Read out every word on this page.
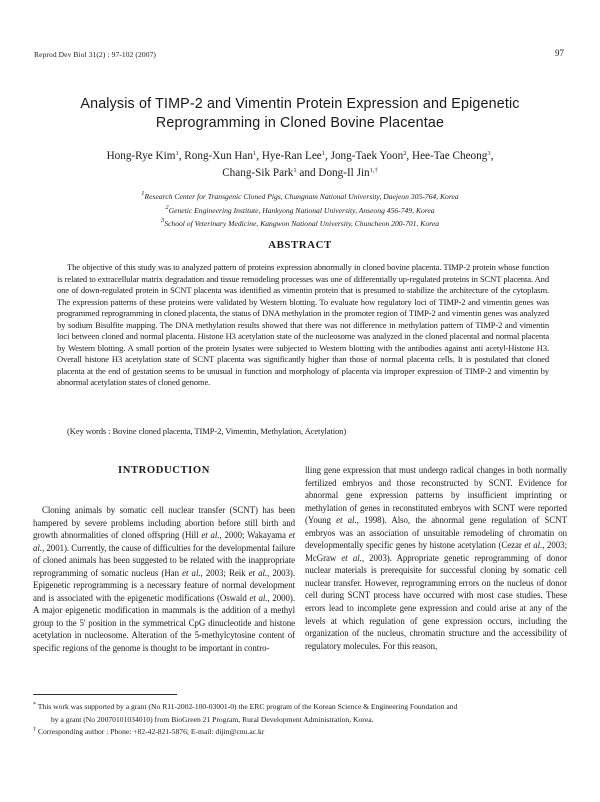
Reprod Dev Biol 31(2) : 97-102 (2007)	97
Analysis of TIMP-2 and Vimentin Protein Expression and Epigenetic
Reprogramming in Cloned Bovine Placentae
Hong-Rye Kim$^1$, Rong-Xun Han$^1$, Hye-Ran Lee$^1$, Jong-Taek Yoon$^2$, Hee-Tae Cheong$^3$,
Chang-Sik Park$^1$ and Dong-Il Jin$^{1,\dagger}$
$^1$Research Center for Transgenic Cloned Pigs, Chungnam National University, Daejeon 305-764, Korea
$^2$Genetic Engineering Institute, Hankyong National University, Anseong 456-749, Korea
$^3$School of Veterinary Medicine, Kangwon National University, Chuncheon 200-701, Korea
ABSTRACT
The objective of this study was to analyzed pattern of proteins expression abnormally in cloned bovine placenta. TIMP-2 protein whose function is related to extracellular matrix degradation and tissue remodeling processes was one of differentially up-regulated proteins in SCNT placenta. And one of down-regulated protein in SCNT placenta was identified as vimentin protein that is presumed to stabilize the architecture of the cytoplasm. The expression patterns of these proteins were validated by Western blotting. To evaluate how regulatory loci of TIMP-2 and vimentin genes was programmed reprogramming in cloned placenta, the status of DNA methylation in the promoter region of TIMP-2 and vimentin genes was analyzed by sodium Bisulfite mapping. The DNA methylation results showed that there was not difference in methylation pattern of TIMP-2 and vimentin loci between cloned and normal placenta. Histone H3 acetylation state of the nucleosome was analyzed in the cloned placental and normal placenta by Western blotting. A small portion of the protein lysates were subjected to Western blotting with the antibodies against anti acetyl-Histone H3. Overall histone H3 acetylation state of SCNT placenta was significantly higher than those of normal placenta cells. It is postulated that cloned placenta at the end of gestation seems to be unusual in function and morphology of placenta via improper expression of TIMP-2 and vimentin by abnormal acetylation states of cloned genome.
(Key words : Bovine cloned placenta, TIMP-2, Vimentin, Methylation, Acetylation)
INTRODUCTION
Cloning animals by somatic cell nuclear transfer (SCNT) has been hampered by severe problems including abortion before still birth and growth abnormalities of cloned offspring (Hill et al., 2000; Wakayama et al., 2001). Currently, the cause of difficulties for the developmental failure of cloned animals has been suggested to be related with the inappropriate reprogramming of somatic nucleus (Han et al., 2003; Reik et al., 2003). Epigenetic reprogramming is a necessary feature of normal development and is associated with the epigenetic modifications (Oswald et al., 2000). A major epigenetic modification in mammals is the addition of a methyl group to the 5' position in the symmetrical CpG dinucleotide and histone acetylation in nucleosome. Alteration of the 5-methylcytosine content of specific regions of the genome is thought to be important in contro-
lling gene expression that must undergo radical changes in both normally fertilized embryos and those reconstructed by SCNT. Evidence for abnormal gene expression patterns by insufficient imprinting or methylation of genes in reconstituted embryos with SCNT were reported (Young et al., 1998). Also, the abnormal gene regulation of SCNT embryos was an association of unsuitable remodeling of chromatin on developmentally specific genes by histone acetylation (Cezar et al., 2003; McGraw et al., 2003). Appropriate genetic reprogramming of donor nuclear materials is prerequisite for successful cloning by somatic cell nuclear transfer. However, reprogramming errors on the nucleus of donor cell during SCNT process have occurred with most case studies. These errors lead to incomplete gene expression and could arise at any of the levels at which regulation of gene expression occurs, including the organization of the nucleus, chromatin structure and the accessibility of regulatory molecules. For this reason,
* This work was supported by a grant (No R11-2002-100-03001-0) the ERC program of the Korean Science & Engineering Foundation and
by a grant (No 20070101034010) from BioGreen 21 Program, Rural Development Administration, Korea.
† Corresponding author : Phone: +82-42-821-5876; E-mail: dijin@cnu.ac.kr
